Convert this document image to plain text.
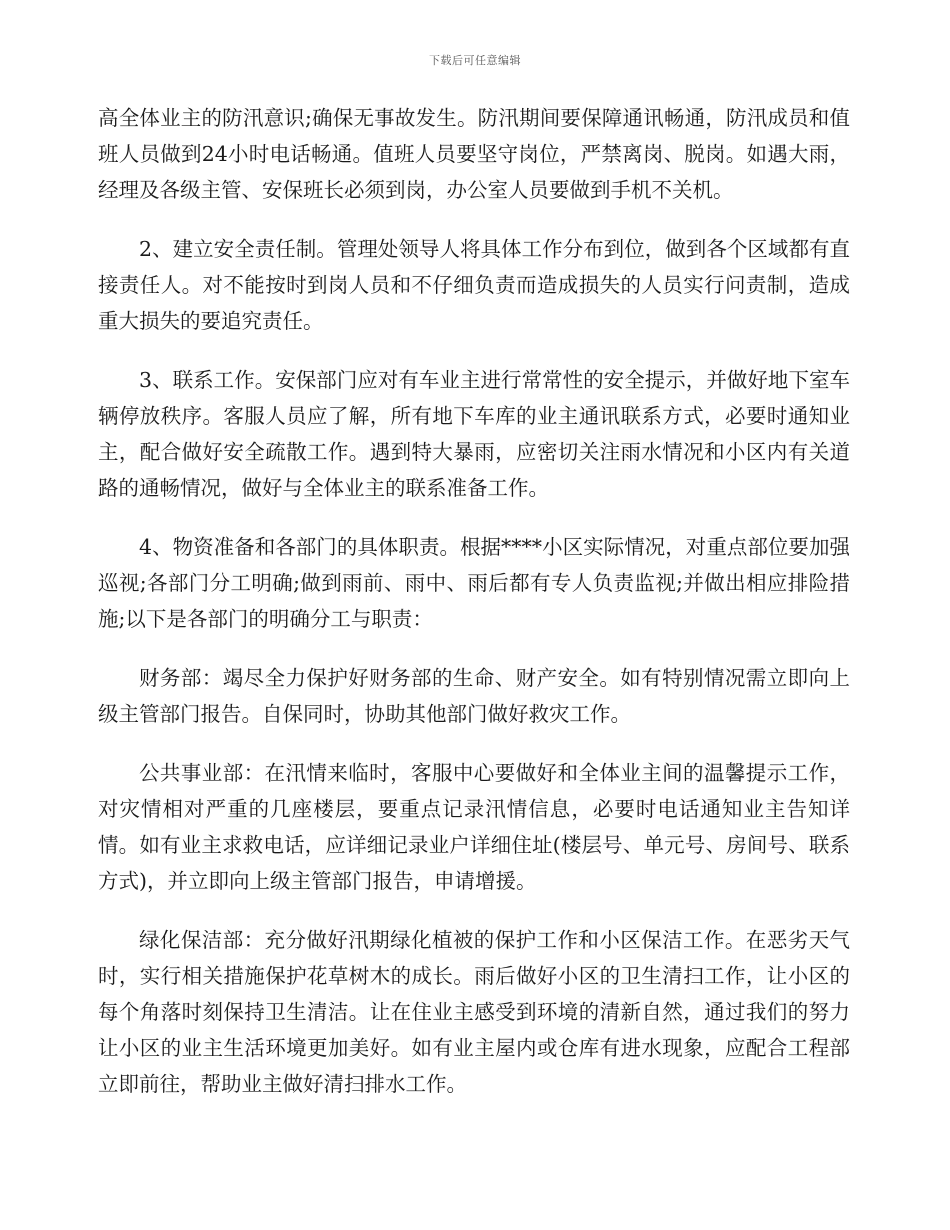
下载后可任意编辑

高全体业主的防汛意识;确保无事故发生。防汛期间要保障通讯畅通，防汛成员和值班人员做到24小时电话畅通。值班人员要坚守岗位，严禁离岗、脱岗。如遇大雨，经理及各级主管、安保班长必须到岗，办公室人员要做到手机不关机。

2、建立安全责任制。管理处领导人将具体工作分布到位，做到各个区域都有直接责任人。对不能按时到岗人员和不仔细负责而造成损失的人员实行问责制，造成重大损失的要追究责任。

3、联系工作。安保部门应对有车业主进行常常性的安全提示，并做好地下室车辆停放秩序。客服人员应了解，所有地下车库的业主通讯联系方式，必要时通知业主，配合做好安全疏散工作。遇到特大暴雨，应密切关注雨水情况和小区内有关道路的通畅情况，做好与全体业主的联系准备工作。

4、物资准备和各部门的具体职责。根据****小区实际情况，对重点部位要加强巡视;各部门分工明确;做到雨前、雨中、雨后都有专人负责监视;并做出相应排险措施;以下是各部门的明确分工与职责：

财务部：竭尽全力保护好财务部的生命、财产安全。如有特别情况需立即向上级主管部门报告。自保同时，协助其他部门做好救灾工作。

公共事业部：在汛情来临时，客服中心要做好和全体业主间的温馨提示工作，对灾情相对严重的几座楼层，要重点记录汛情信息，必要时电话通知业主告知详情。如有业主求救电话，应详细记录业户详细住址(楼层号、单元号、房间号、联系方式)，并立即向上级主管部门报告，申请增援。

绿化保洁部：充分做好汛期绿化植被的保护工作和小区保洁工作。在恶劣天气时，实行相关措施保护花草树木的成长。雨后做好小区的卫生清扫工作，让小区的每个角落时刻保持卫生清洁。让在住业主感受到环境的清新自然，通过我们的努力让小区的业主生活环境更加美好。如有业主屋内或仓库有进水现象，应配合工程部立即前往，帮助业主做好清扫排水工作。
